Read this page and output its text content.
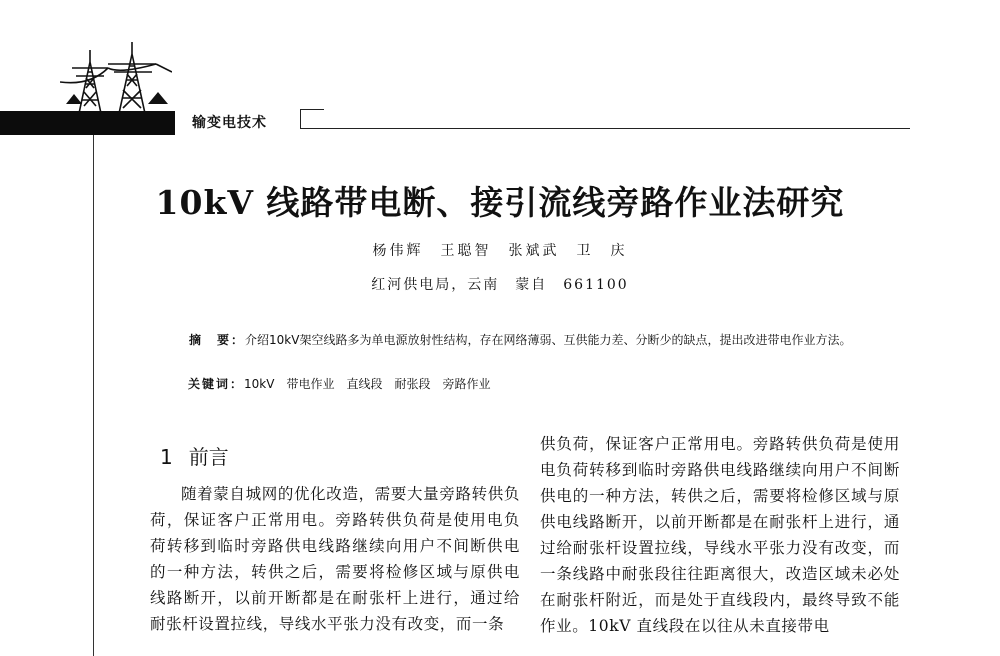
输变电技术
10kV 线路带电断、接引流线旁路作业法研究
杨伟辉　王聪智　张斌武　卫　庆
红河供电局，云南　蒙自　661100
摘　要：介绍10kV架空线路多为单电源放射性结构，存在网络薄弱、互供能力差、分断少的缺点，提出改进带电作业方法。
关键词：10kV　带电作业　直线段　耐张段　旁路作业
1 前言
随着蒙自城网的优化改造，需要大量旁路转供负荷，保证客户正常用电。旁路转供负荷是使用电负荷转移到临时旁路供电线路继续向用户不间断供电的一种方法，转供之后，需要将检修区域与原供电线路断开，以前开断都是在耐张杆上进行，通过给耐张杆设置拉线，导线水平张力没有改变，而一条
供负荷，保证客户正常用电。旁路转供负荷是使用电负荷转移到临时旁路供电线路继续向用户不间断供电的一种方法，转供之后，需要将检修区域与原供电线路断开，以前开断都是在耐张杆上进行，通过给耐张杆设置拉线，导线水平张力没有改变，而一条线路中耐张段往往距离很大，改造区域未必处在耐张杆附近，而是处于直线段内，最终导致不能作业。10kV 直线段在以往从未直接带电
